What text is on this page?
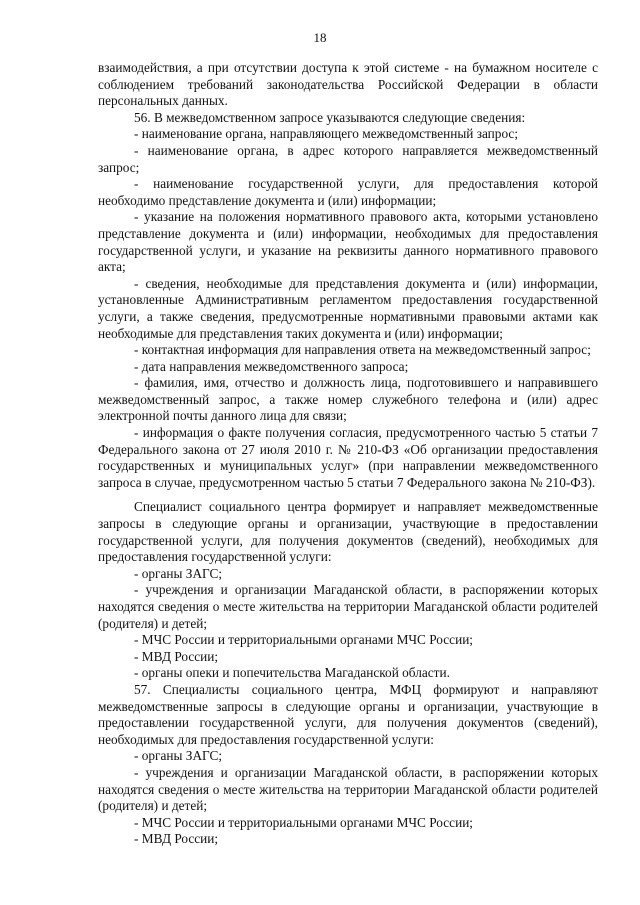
18

взаимодействия, а при отсутствии доступа к этой системе - на бумажном носителе с соблюдением требований законодательства Российской Федерации в области персональных данных.

56. В межведомственном запросе указываются следующие сведения:

- наименование органа, направляющего межведомственный запрос;

- наименование органа, в адрес которого направляется межведомственный запрос;

- наименование государственной услуги, для предоставления которой необходимо представление документа и (или) информации;

- указание на положения нормативного правового акта, которыми установлено представление документа и (или) информации, необходимых для предоставления государственной услуги, и указание на реквизиты данного нормативного правового акта;

- сведения, необходимые для представления документа и (или) информации, установленные Административным регламентом предоставления государственной услуги, а также сведения, предусмотренные нормативными правовыми актами как необходимые для представления таких документа и (или) информации;

- контактная информация для направления ответа на межведомственный запрос;

- дата направления межведомственного запроса;

- фамилия, имя, отчество и должность лица, подготовившего и направившего межведомственный запрос, а также номер служебного телефона и (или) адрес электронной почты данного лица для связи;

- информация о факте получения согласия, предусмотренного частью 5 статьи 7 Федерального закона от 27 июля 2010 г. № 210-ФЗ «Об организации предоставления государственных и муниципальных услуг» (при направлении межведомственного запроса в случае, предусмотренном частью 5 статьи 7 Федерального закона № 210-ФЗ).

Специалист социального центра формирует и направляет межведомственные запросы в следующие органы и организации, участвующие в предоставлении государственной услуги, для получения документов (сведений), необходимых для предоставления государственной услуги:

- органы ЗАГС;

- учреждения и организации Магаданской области, в распоряжении которых находятся сведения о месте жительства на территории Магаданской области родителей (родителя) и детей;

- МЧС России и территориальными органами МЧС России;

- МВД России;

- органы опеки и попечительства Магаданской области.

57. Специалисты социального центра, МФЦ формируют и направляют межведомственные запросы в следующие органы и организации, участвующие в предоставлении государственной услуги, для получения документов (сведений), необходимых для предоставления государственной услуги:

- органы ЗАГС;

- учреждения и организации Магаданской области, в распоряжении которых находятся сведения о месте жительства на территории Магаданской области родителей (родителя) и детей;

- МЧС России и территориальными органами МЧС России;

- МВД России;
